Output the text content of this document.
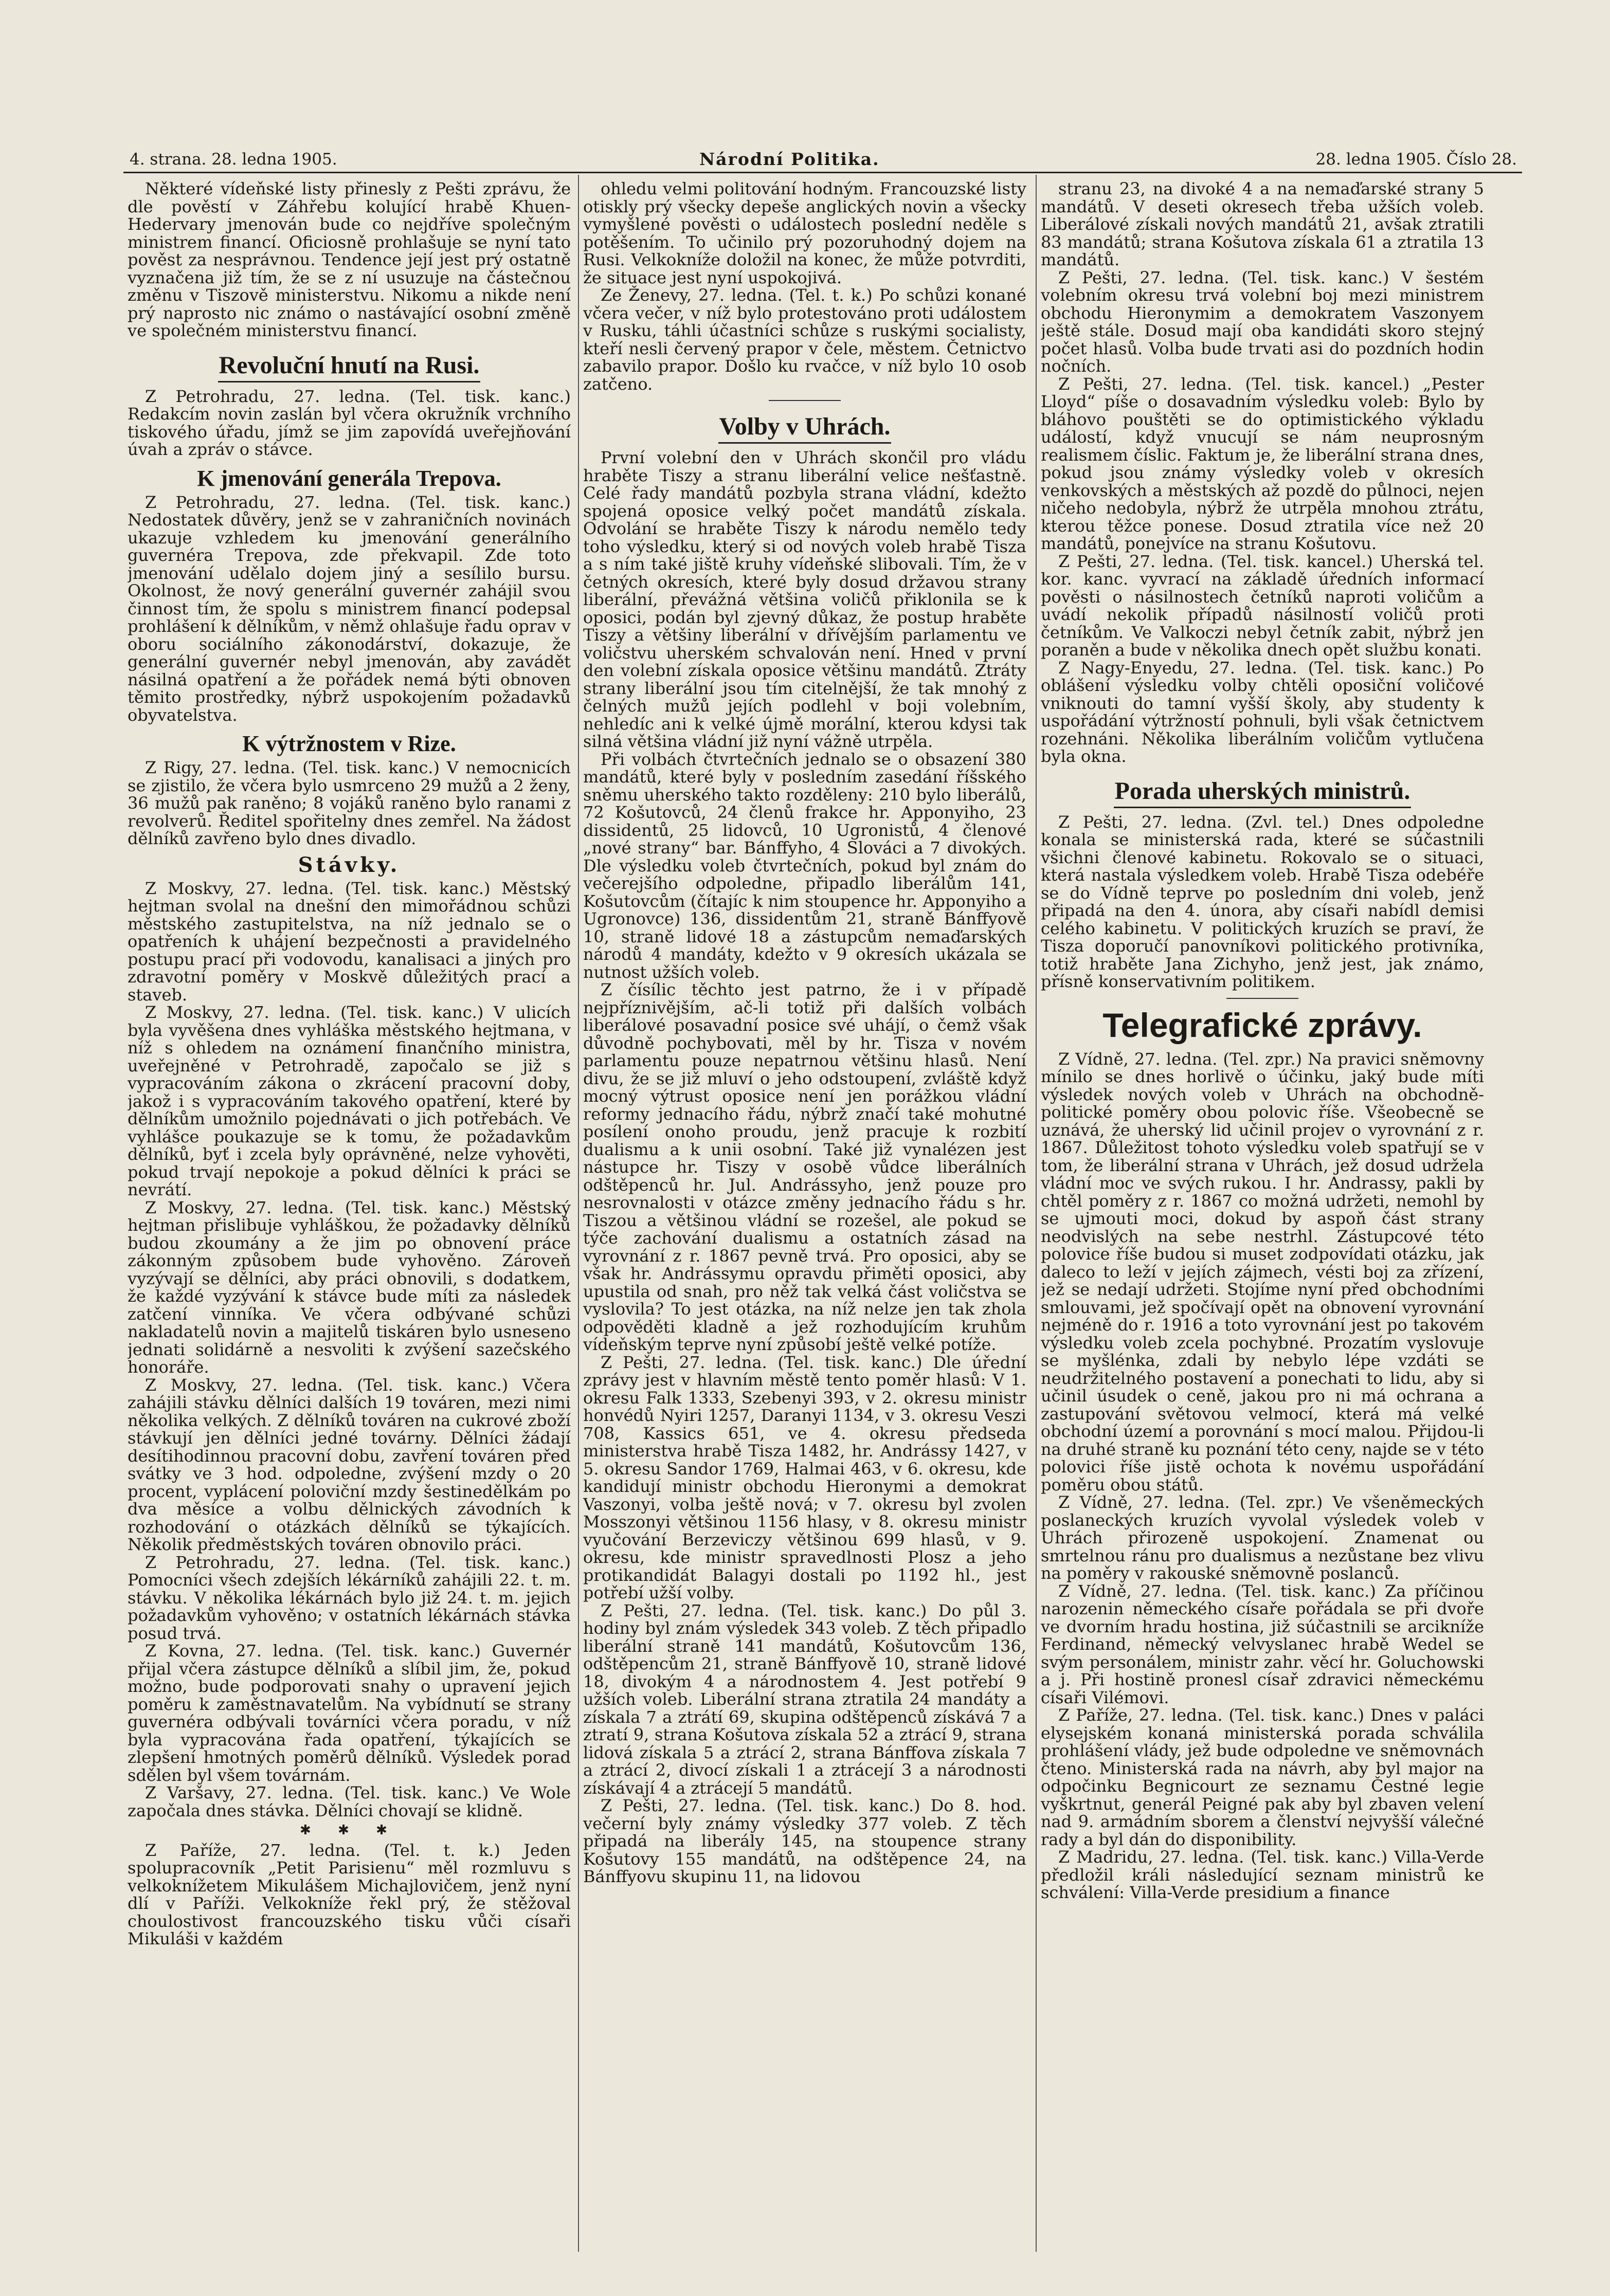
4. strana. 28. ledna 1905.	Národní Politika.	28. ledna 1905. Číslo 28.

Některé vídeňské listy přinesly z Pešti zprávu, že dle pověstí v Záhřebu kolující hrabě Khuen-Hedervary jmenován bude co nejdříve společným ministrem financí. Oficiosně prohlašuje se nyní tato pověst za nesprávnou. Tendence její jest prý ostatně vyznačena již tím, že se z ní usuzuje na částečnou změnu v Tiszově ministerstvu. Nikomu a nikde není prý naprosto nic známo o nastávající osobní změně ve společném ministerstvu financí.

Revoluční hnutí na Rusi.

Z Petrohradu, 27. ledna. (Tel. tisk. kanc.) Redakcím novin zaslán byl včera okružník vrchního tiskového úřadu, jímž se jim zapovídá uveřejňování úvah a zpráv o stávce.

K jmenování generála Trepova.

Z Petrohradu, 27. ledna. (Tel. tisk. kanc.) Nedostatek důvěry, jenž se v zahraničních novinách ukazuje vzhledem ku jmenování generálního guvernéra Trepova, zde překvapil. Zde toto jmenování udělalo dojem jiný a sesílilo bursu. Okolnost, že nový generální guvernér zahájil svou činnost tím, že spolu s ministrem financí podepsal prohlášení k dělníkům, v němž ohlašuje řadu oprav v oboru sociálního zákonodárství, dokazuje, že generální guvernér nebyl jmenován, aby zavádět násilná opatření a že pořádek nemá býti obnoven těmito prostředky, nýbrž uspokojením požadavků obyvatelstva.

K výtržnostem v Rize.

Z Rigy, 27. ledna. (Tel. tisk. kanc.) V nemocnicích se zjistilo, že včera bylo usmrceno 29 mužů a 2 ženy, 36 mužů pak raněno; 8 vojáků raněno bylo ranami z revolverů. Ředitel spořitelny dnes zemřel. Na žádost dělníků zavřeno bylo dnes divadlo.

Stávky.

Z Moskvy, 27. ledna. (Tel. tisk. kanc.) Městský hejtman svolal na dnešní den mimořádnou schůzi městského zastupitelstva, na níž jednalo se o opatřeních k uhájení bezpečnosti a pravidelného postupu prací při vodovodu, kanalisaci a jiných pro zdravotní poměry v Moskvě důležitých prací a staveb.

Z Moskvy, 27. ledna. (Tel. tisk. kanc.) V ulicích byla vyvěšena dnes vyhláška městského hejtmana, v níž s ohledem na oznámení finančního ministra, uveřejněné v Petrohradě, započalo se již s vypracováním zákona o zkrácení pracovní doby, jakož i s vypracováním takového opatření, které by dělníkům umožnilo pojednávati o jich potřebách. Ve vyhlášce poukazuje se k tomu, že požadavkům dělníků, byť i zcela byly oprávněné, nelze vyhověti, pokud trvají nepokoje a pokud dělníci k práci se nevrátí.

Z Moskvy, 27. ledna. (Tel. tisk. kanc.) Městský hejtman přislibuje vyhláškou, že požadavky dělníků budou zkoumány a že jim po obnovení práce zákonným způsobem bude vyhověno. Zároveň vyzývají se dělníci, aby práci obnovili, s dodatkem, že každé vyzývání k stávce bude míti za následek zatčení vinníka. Ve včera odbývané schůzi nakladatelů novin a majitelů tiskáren bylo usneseno jednati solidárně a nesvoliti k zvýšení sazečského honoráře.

Z Moskvy, 27. ledna. (Tel. tisk. kanc.) Včera zahájili stávku dělníci dalších 19 továren, mezi nimi několika velkých. Z dělníků továren na cukrové zboží stávkují jen dělníci jedné továrny. Dělníci žádají desítihodinnou pracovní dobu, zavření továren před svátky ve 3 hod. odpoledne, zvýšení mzdy o 20 procent, vyplácení poloviční mzdy šestinedělkám po dva měsíce a volbu dělnických závodních k rozhodování o otázkách dělníků se týkajících. Několik předměstských továren obnovilo práci.

Z Petrohradu, 27. ledna. (Tel. tisk. kanc.) Pomocníci všech zdejších lékárníků zahájili 22. t. m. stávku. V několika lékárnách bylo již 24. t. m. jejich požadavkům vyhověno; v ostatních lékárnách stávka posud trvá.

Z Kovna, 27. ledna. (Tel. tisk. kanc.) Guvernér přijal včera zástupce dělníků a slíbil jim, že, pokud možno, bude podporovati snahy o upravení jejich poměru k zaměstnavatelům. Na vybídnutí se strany guvernéra odbývali továrníci včera poradu, v níž byla vypracována řada opatření, týkajících se zlepšení hmotných poměrů dělníků. Výsledek porad sdělen byl všem továrnám.

Z Varšavy, 27. ledna. (Tel. tisk. kanc.) Ve Wole započala dnes stávka. Dělníci chovají se klidně.

✱ ✱ ✱

Z Paříže, 27. ledna. (Tel. t. k.) Jeden spolupracovník „Petit Parisienu“ měl rozmluvu s velkoknížetem Mikulášem Michajlovičem, jenž nyní dlí v Paříži. Velkokníže řekl prý, že stěžoval choulostivost francouzského tisku vůči císaři Mikuláši v každém

ohledu velmi politování hodným. Francouzské listy otiskly prý všecky depeše anglických novin a všecky vymyšlené pověsti o událostech poslední neděle s potěšením. To učinilo prý pozoruhodný dojem na Rusi. Velkokníže doložil na konec, že může potvrditi, že situace jest nyní uspokojivá.

Ze Ženevy, 27. ledna. (Tel. t. k.) Po schůzi konané včera večer, v níž bylo protestováno proti událostem v Rusku, táhli účastníci schůze s ruskými socialisty, kteří nesli červený prapor v čele, městem. Četnictvo zabavilo prapor. Došlo ku rvačce, v níž bylo 10 osob zatčeno.

Volby v Uhrách.

První volební den v Uhrách skončil pro vládu hraběte Tiszy a stranu liberální velice nešťastně. Celé řady mandátů pozbyla strana vládní, kdežto spojená oposice velký počet mandátů získala. Odvolání se hraběte Tiszy k národu nemělo tedy toho výsledku, který si od nových voleb hrabě Tisza a s ním také jiště kruhy vídeňské slibovali. Tím, že v četných okresích, které byly dosud državou strany liberální, převážná většina voličů přiklonila se k oposici, podán byl zjevný důkaz, že postup hraběte Tiszy a většiny liberální v dřívějším parlamentu ve voličstvu uherském schvalován není. Hned v první den volební získala oposice většinu mandátů. Ztráty strany liberální jsou tím citelnější, že tak mnohý z čelných mužů jejích podlehl v boji volebním, nehledíc ani k velké újmě morální, kterou kdysi tak silná většina vládní již nyní vážně utrpěla.

Při volbách čtvrtečních jednalo se o obsazení 380 mandátů, které byly v posledním zasedání říšského sněmu uherského takto rozděleny: 210 bylo liberálů, 72 Košutovců, 24 členů frakce hr. Apponyiho, 23 dissidentů, 25 lidovců, 10 Ugronistů, 4 členové „nové strany“ bar. Bánffyho, 4 Slováci a 7 divokých. Dle výsledku voleb čtvrtečních, pokud byl znám do večerejšího odpoledne, připadlo liberálům 141, Košutovcům (čítajíc k nim stoupence hr. Apponyiho a Ugronovce) 136, dissidentům 21, straně Bánffyově 10, straně lidové 18 a zástupcům nemaďarských národů 4 mandáty, kdežto v 9 okresích ukázala se nutnost užších voleb.

Z čísílic těchto jest patrno, že i v případě nejpříznivějším, ač-li totiž při dalších volbách liberálové posavadní posice své uhájí, o čemž však důvodně pochybovati, měl by hr. Tisza v novém parlamentu pouze nepatrnou většinu hlasů. Není divu, že se již mluví o jeho odstoupení, zvláště když mocný výtrust oposice není jen porážkou vládní reformy jednacího řádu, nýbrž značí také mohutné posílení onoho proudu, jenž pracuje k rozbití dualismu a k unii osobní. Také již vynalézen jest nástupce hr. Tiszy v osobě vůdce liberálních odštěpenců hr. Jul. Andrássyho, jenž pouze pro nesrovnalosti v otázce změny jednacího řádu s hr. Tiszou a většinou vládní se rozešel, ale pokud se týče zachování dualismu a ostatních zásad na vyrovnání z r. 1867 pevně trvá. Pro oposici, aby se však hr. Andrássymu opravdu přiměti oposici, aby upustila od snah, pro něž tak velká část voličstva se vyslovila? To jest otázka, na níž nelze jen tak zhola odpověděti kladně a jež rozhodujícím kruhům vídeňským teprve nyní způsobí ještě velké potíže.

Z Pešti, 27. ledna. (Tel. tisk. kanc.) Dle úřední zprávy jest v hlavním městě tento poměr hlasů: V 1. okresu Falk 1333, Szebenyi 393, v 2. okresu ministr honvédů Nyiri 1257, Daranyi 1134, v 3. okresu Veszi 708, Kassics 651, ve 4. okresu předseda ministerstva hrabě Tisza 1482, hr. Andrássy 1427, v 5. okresu Sandor 1769, Halmai 463, v 6. okresu, kde kandidují ministr obchodu Hieronymi a demokrat Vaszonyi, volba ještě nová; v 7. okresu byl zvolen Mosszonyi většinou 1156 hlasy, v 8. okresu ministr vyučování Berzeviczy většinou 699 hlasů, v 9. okresu, kde ministr spravedlnosti Plosz a jeho protikandidát Balagyi dostali po 1192 hl., jest potřebí užší volby.

Z Pešti, 27. ledna. (Tel. tisk. kanc.) Do půl 3. hodiny byl znám výsledek 343 voleb. Z těch připadlo liberální straně 141 mandátů, Košutovcům 136, odštěpencům 21, straně Bánffyově 10, straně lidové 18, divokým 4 a národnostem 4. Jest potřebí 9 užších voleb. Liberální strana ztratila 24 mandáty a získala 7 a ztrátí 69, skupina odštěpenců získává 7 a ztratí 9, strana Košutova získala 52 a ztrácí 9, strana lidová získala 5 a ztrácí 2, strana Bánffova získala 7 a ztrácí 2, divocí získali 1 a ztrácejí 3 a národnosti získávají 4 a ztrácejí 5 mandátů.

Z Pešti, 27. ledna. (Tel. tisk. kanc.) Do 8. hod. večerní byly známy výsledky 377 voleb. Z těch připadá na liberály 145, na stoupence strany Košutovy 155 mandátů, na odštěpence 24, na Bánffyovu skupinu 11, na lidovou

stranu 23, na divoké 4 a na nemaďarské strany 5 mandátů. V deseti okresech třeba užších voleb. Liberálové získali nových mandátů 21, avšak ztratili 83 mandátů; strana Košutova získala 61 a ztratila 13 mandátů.

Z Pešti, 27. ledna. (Tel. tisk. kanc.) V šestém volebním okresu trvá volební boj mezi ministrem obchodu Hieronymim a demokratem Vaszonyem ještě stále. Dosud mají oba kandidáti skoro stejný počet hlasů. Volba bude trvati asi do pozdních hodin nočních.

Z Pešti, 27. ledna. (Tel. tisk. kancel.) „Pester Lloyd“ píše o dosavadním výsledku voleb: Bylo by bláhovo pouštěti se do optimistického výkladu událostí, když vnucují se nám neuprosným realismem číslic. Faktum je, že liberální strana dnes, pokud jsou známy výsledky voleb v okresích venkovských a městských až pozdě do půlnoci, nejen ničeho nedobyla, nýbrž že utrpěla mnohou ztrátu, kterou těžce ponese. Dosud ztratila více než 20 mandátů, ponejvíce na stranu Košutovu.

Z Pešti, 27. ledna. (Tel. tisk. kancel.) Uherská tel. kor. kanc. vyvrací na základě úředních informací pověsti o násilnostech četníků naproti voličům a uvádí nekolik případů násilností voličů proti četníkům. Ve Valkoczi nebyl četník zabit, nýbrž jen poraněn a bude v několika dnech opět službu konati.

Z Nagy-Enyedu, 27. ledna. (Tel. tisk. kanc.) Po oblášení výsledku volby chtěli oposiční voličové vniknouti do tamní vyšší školy, aby studenty k uspořádání výtržností pohnuli, byli však četnictvem rozehnáni. Několika liberálním voličům vytlučena byla okna.

Porada uherských ministrů.

Z Pešti, 27. ledna. (Zvl. tel.) Dnes odpoledne konala se ministerská rada, které se súčastnili všichni členové kabinetu. Rokovalo se o situaci, která nastala výsledkem voleb. Hrabě Tisza odebéře se do Vídně teprve po posledním dni voleb, jenž připadá na den 4. února, aby císaři nabídl demisi celého kabinetu. V politických kruzích se praví, že Tisza doporučí panovníkovi politického protivníka, totiž hraběte Jana Zichyho, jenž jest, jak známo, přísně konservativním politikem.

Telegrafické zprávy.

Z Vídně, 27. ledna. (Tel. zpr.) Na pravici sněmovny mínilo se dnes horlivě o účinku, jaký bude míti výsledek nových voleb v Uhrách na obchodně-politické poměry obou polovic říše. Všeobecně se uznává, že uherský lid učinil projev o vyrovnání z r. 1867. Důležitost tohoto výsledku voleb spatřují se v tom, že liberální strana v Uhrách, jež dosud udržela vládní moc ve svých rukou. I hr. Andrassy, pakli by chtěl poměry z r. 1867 co možná udržeti, nemohl by se ujmouti moci, dokud by aspoň část strany neodvislých na sebe nestrhl. Zástupcové této polovice říše budou si muset zodpovídati otázku, jak daleco to leží v jejích zájmech, vésti boj za zřízení, jež se nedají udržeti. Stojíme nyní před obchodními smlouvami, jež spočívají opět na obnovení vyrovnání nejméně do r. 1916 a toto vyrovnání jest po takovém výsledku voleb zcela pochybné. Prozatím vyslovuje se myšlénka, zdali by nebylo lépe vzdáti se neudržitelného postavení a ponechati to lidu, aby si učinil úsudek o ceně, jakou pro ni má ochrana a zastupování světovou velmocí, která má velké obchodní území a porovnání s mocí malou. Přijdou-li na druhé straně ku poznání této ceny, najde se v této polovici říše jistě ochota k novému uspořádání poměru obou států.

Z Vídně, 27. ledna. (Tel. zpr.) Ve všeněmeckých poslaneckých kruzích vyvolal výsledek voleb v Uhrách přirozeně uspokojení. Znamenat ou smrtelnou ránu pro dualismus a nezůstane bez vlivu na poměry v rakouské sněmovně poslanců.

Z Vídně, 27. ledna. (Tel. tisk. kanc.) Za příčinou narozenin německého císaře pořádala se při dvoře ve dvorním hradu hostina, již súčastnili se arcikníže Ferdinand, německý velvyslanec hrabě Wedel se svým personálem, ministr zahr. věcí hr. Goluchowski a j. Při hostině pronesl císař zdravici německému císaři Vilémovi.

Z Paříže, 27. ledna. (Tel. tisk. kanc.) Dnes v paláci elysejském konaná ministerská porada schválila prohlášení vlády, jež bude odpoledne ve sněmovnách čteno. Ministerská rada na návrh, aby byl major na odpočinku Begnicourt ze seznamu Čestné legie vyškrtnut, generál Peigné pak aby byl zbaven velení nad 9. armádním sborem a členství nejvyšší válečné rady a byl dán do disponibility.

Z Madridu, 27. ledna. (Tel. tisk. kanc.) Villa-Verde předložil králi následující seznam ministrů ke schválení: Villa-Verde presidium a finance
